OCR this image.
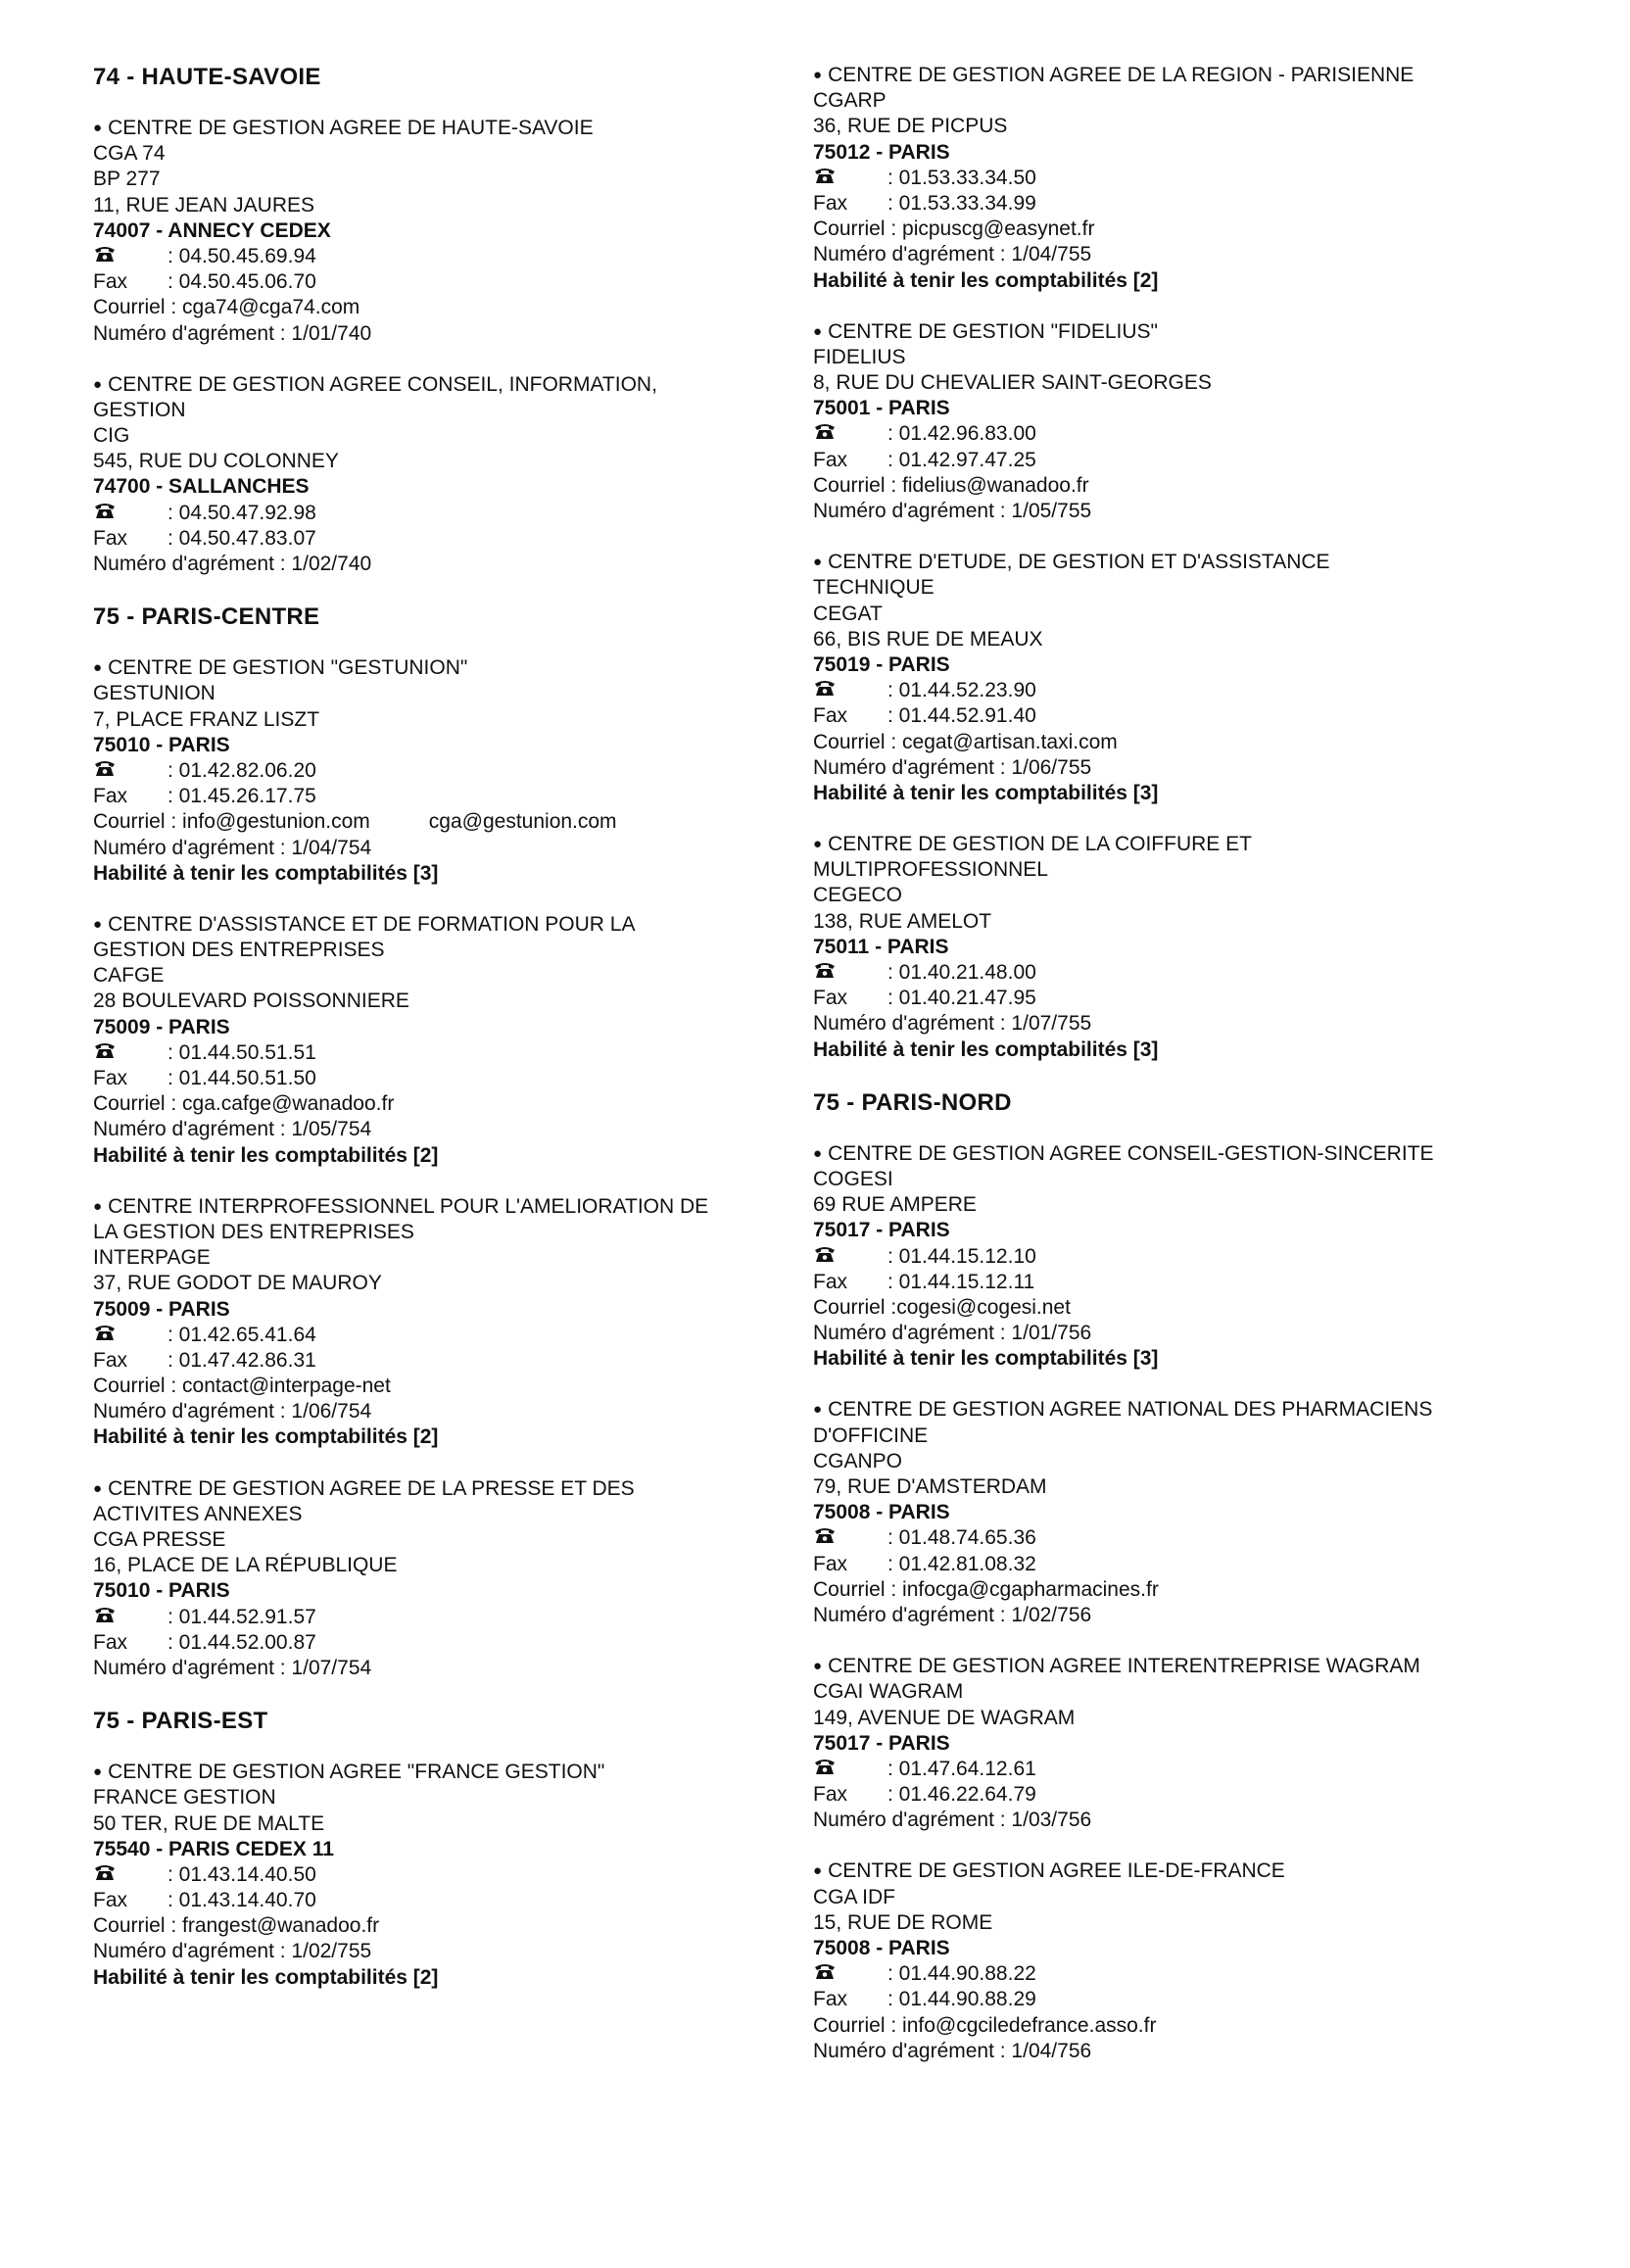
74 - HAUTE-SAVOIE
● CENTRE DE GESTION AGREE DE HAUTE-SAVOIE
CGA 74
BP 277
11, RUE JEAN JAURES
74007 - ANNECY CEDEX
: 04.50.45.69.94
Fax : 04.50.45.06.70
Courriel : cga74@cga74.com
Numéro d'agrément : 1/01/740
● CENTRE DE GESTION AGREE CONSEIL, INFORMATION,
GESTION
CIG
545, RUE DU COLONNEY
74700 - SALLANCHES
: 04.50.47.92.98
Fax : 04.50.47.83.07
Numéro d'agrément : 1/02/740
75 - PARIS-CENTRE
● CENTRE DE GESTION "GESTUNION"
GESTUNION
7, PLACE FRANZ LISZT
75010 - PARIS
: 01.42.82.06.20
Fax : 01.45.26.17.75
Courriel : info@gestunion.com	cga@gestunion.com
Numéro d'agrément : 1/04/754
Habilité à tenir les comptabilités [3]
● CENTRE D'ASSISTANCE ET DE FORMATION POUR LA
GESTION DES ENTREPRISES
CAFGE
28 BOULEVARD POISSONNIERE
75009 - PARIS
: 01.44.50.51.51
Fax : 01.44.50.51.50
Courriel : cga.cafge@wanadoo.fr
Numéro d'agrément : 1/05/754
Habilité à tenir les comptabilités [2]
● CENTRE INTERPROFESSIONNEL POUR L'AMELIORATION DE
LA GESTION DES ENTREPRISES
INTERPAGE
37, RUE GODOT DE MAUROY
75009 - PARIS
: 01.42.65.41.64
Fax : 01.47.42.86.31
Courriel : contact@interpage-net
Numéro d'agrément : 1/06/754
Habilité à tenir les comptabilités [2]
● CENTRE DE GESTION AGREE DE LA PRESSE ET DES
ACTIVITES ANNEXES
CGA PRESSE
16, PLACE DE LA RÉPUBLIQUE
75010 - PARIS
: 01.44.52.91.57
Fax : 01.44.52.00.87
Numéro d'agrément : 1/07/754
75 - PARIS-EST
● CENTRE DE GESTION AGREE "FRANCE GESTION"
FRANCE GESTION
50 TER, RUE DE MALTE
75540 - PARIS CEDEX 11
: 01.43.14.40.50
Fax : 01.43.14.40.70
Courriel : frangest@wanadoo.fr
Numéro d'agrément : 1/02/755
Habilité à tenir les comptabilités [2]
● CENTRE DE GESTION AGREE DE LA REGION - PARISIENNE
CGARP
36, RUE DE PICPUS
75012 - PARIS
: 01.53.33.34.50
Fax : 01.53.33.34.99
Courriel : picpuscg@easynet.fr
Numéro d'agrément : 1/04/755
Habilité à tenir les comptabilités [2]
● CENTRE DE GESTION "FIDELIUS"
FIDELIUS
8, RUE DU CHEVALIER SAINT-GEORGES
75001 - PARIS
: 01.42.96.83.00
Fax : 01.42.97.47.25
Courriel : fidelius@wanadoo.fr
Numéro d'agrément : 1/05/755
● CENTRE D'ETUDE, DE GESTION ET D'ASSISTANCE
TECHNIQUE
CEGAT
66, BIS RUE DE MEAUX
75019 - PARIS
: 01.44.52.23.90
Fax : 01.44.52.91.40
Courriel : cegat@artisan.taxi.com
Numéro d'agrément : 1/06/755
Habilité à tenir les comptabilités [3]
● CENTRE DE GESTION DE LA COIFFURE ET
MULTIPROFESSIONNEL
CEGECO
138, RUE AMELOT
75011 - PARIS
: 01.40.21.48.00
Fax : 01.40.21.47.95
Numéro d'agrément : 1/07/755
Habilité à tenir les comptabilités [3]
75 - PARIS-NORD
● CENTRE DE GESTION AGREE CONSEIL-GESTION-SINCERITE
COGESI
69 RUE AMPERE
75017 - PARIS
: 01.44.15.12.10
Fax : 01.44.15.12.11
Courriel :cogesi@cogesi.net
Numéro d'agrément : 1/01/756
Habilité à tenir les comptabilités [3]
● CENTRE DE GESTION AGREE NATIONAL DES PHARMACIENS
D'OFFICINE
CGANPO
79, RUE D'AMSTERDAM
75008 - PARIS
: 01.48.74.65.36
Fax : 01.42.81.08.32
Courriel : infocga@cgapharmacines.fr
Numéro d'agrément : 1/02/756
● CENTRE DE GESTION AGREE INTERENTREPRISE WAGRAM
CGAI WAGRAM
149, AVENUE DE WAGRAM
75017 - PARIS
: 01.47.64.12.61
Fax : 01.46.22.64.79
Numéro d'agrément : 1/03/756
● CENTRE DE GESTION AGREE ILE-DE-FRANCE
CGA IDF
15, RUE DE ROME
75008 - PARIS
: 01.44.90.88.22
Fax : 01.44.90.88.29
Courriel : info@cgciledefrance.asso.fr
Numéro d'agrément : 1/04/756
